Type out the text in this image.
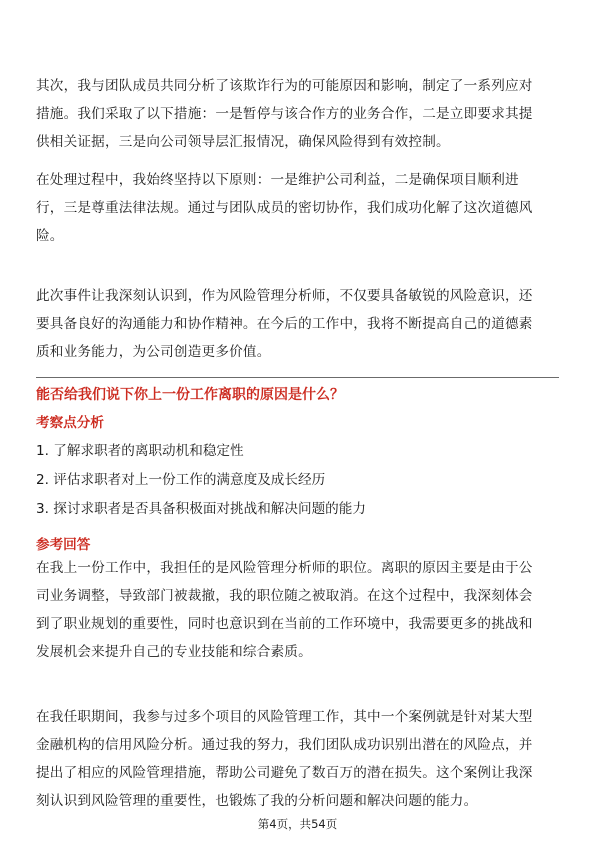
其次，我与团队成员共同分析了该欺诈行为的可能原因和影响，制定了一系列应对
措施。我们采取了以下措施：一是暂停与该合作方的业务合作，二是立即要求其提
供相关证据，三是向公司领导层汇报情况，确保风险得到有效控制。

在处理过程中，我始终坚持以下原则：一是维护公司利益，二是确保项目顺利进
行，三是尊重法律法规。通过与团队成员的密切协作，我们成功化解了这次道德风
险。

此次事件让我深刻认识到，作为风险管理分析师，不仅要具备敏锐的风险意识，还
要具备良好的沟通能力和协作精神。在今后的工作中，我将不断提高自己的道德素
质和业务能力，为公司创造更多价值。

能否给我们说下你上一份工作离职的原因是什么？
考察点分析
1. 了解求职者的离职动机和稳定性
2. 评估求职者对上一份工作的满意度及成长经历
3. 探讨求职者是否具备积极面对挑战和解决问题的能力
参考回答

在我上一份工作中，我担任的是风险管理分析师的职位。离职的原因主要是由于公
司业务调整，导致部门被裁撤，我的职位随之被取消。在这个过程中，我深刻体会
到了职业规划的重要性，同时也意识到在当前的工作环境中，我需要更多的挑战和
发展机会来提升自己的专业技能和综合素质。

在我任职期间，我参与过多个项目的风险管理工作，其中一个案例就是针对某大型
金融机构的信用风险分析。通过我的努力，我们团队成功识别出潜在的风险点，并
提出了相应的风险管理措施，帮助公司避免了数百万的潜在损失。这个案例让我深
刻认识到风险管理的重要性，也锻炼了我的分析问题和解决问题的能力。

第4页，共54页
